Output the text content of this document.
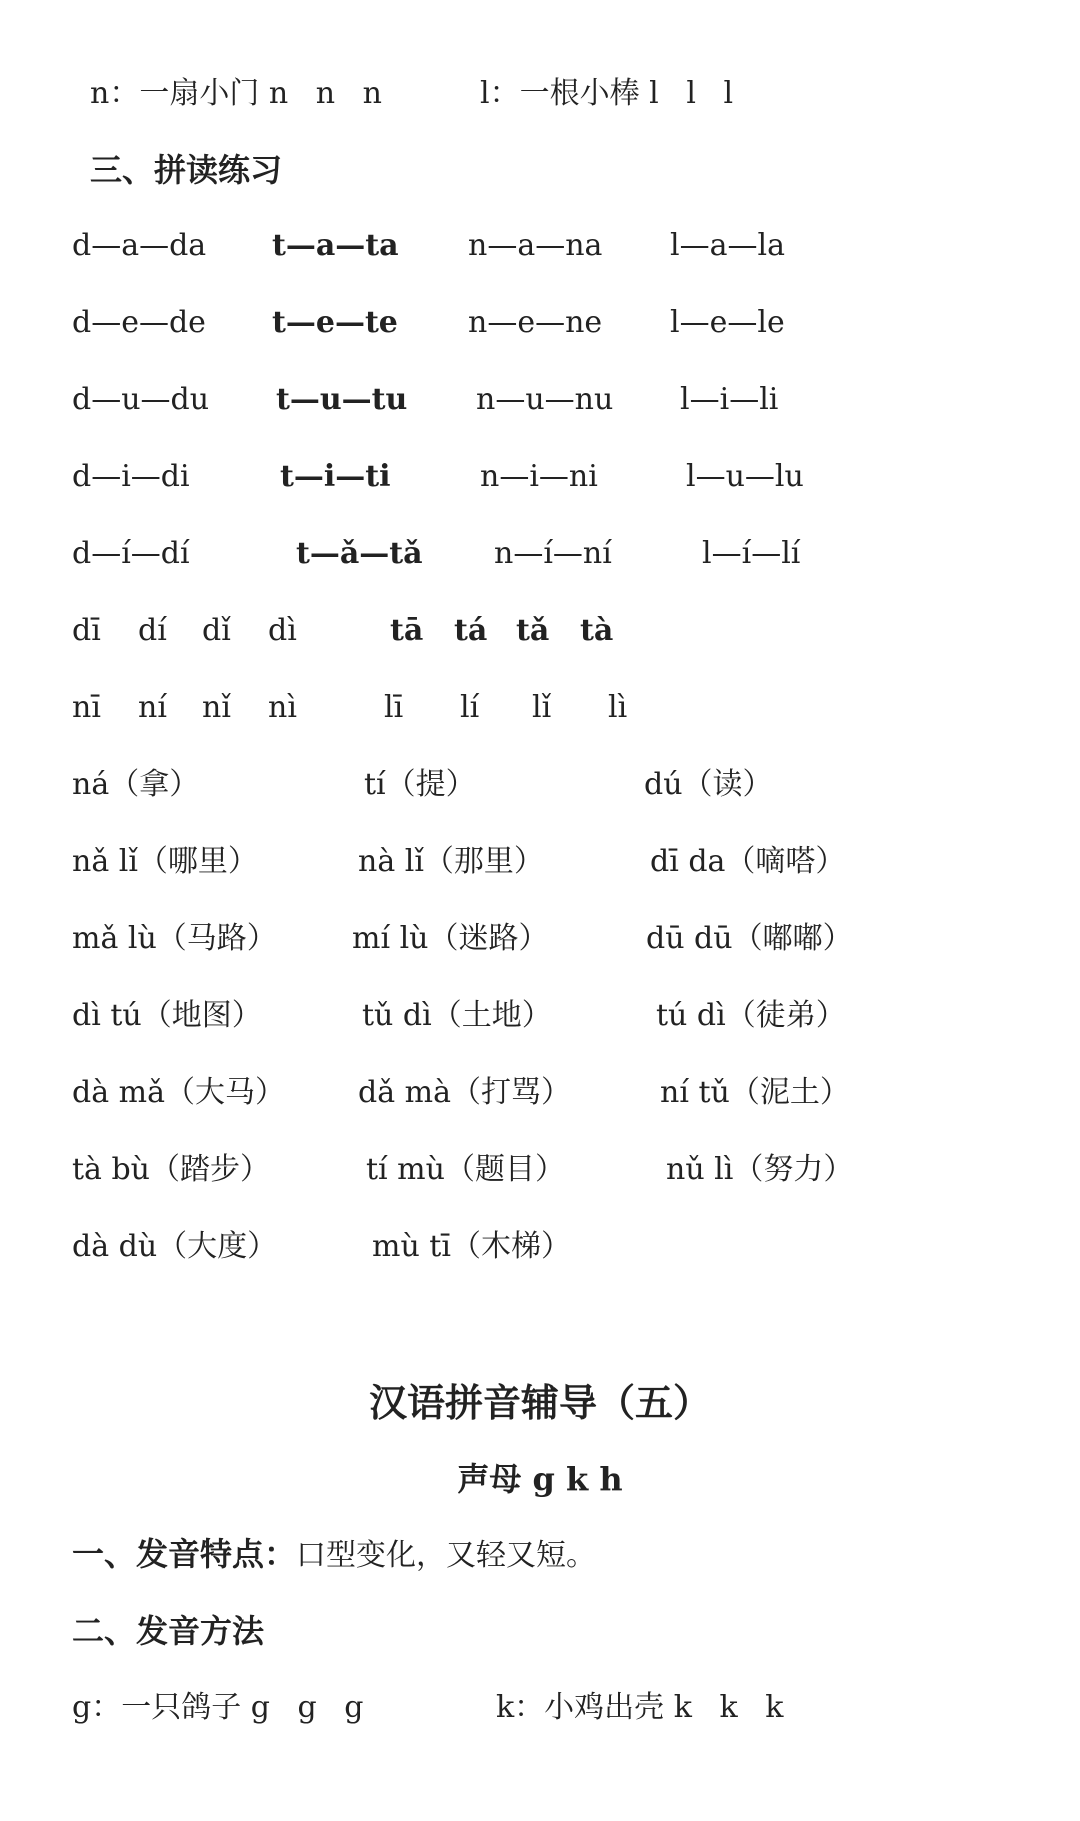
n：一扇小门 n n n	l：一根小棒 l l l
三、拼读练习
d—a—da t—a—ta n—a—na l—a—la
d—e—de t—e—te n—e—ne l—e—le
d—u—du t—u—tu n—u—nu l—i—li
d—i—di	t—i—ti	n—i—ni	l—u—lu
d—í—dí	t—ǎ—tǎ n—í—ní	l—í—lí
dī dí dǐ dì	tā tá tǎ tà
nī ní nǐ nì	lī lí lǐ lì
ná（拿）	tí（提）	dú（读）
nǎ lǐ（哪里）	nà lǐ（那里）	dī da（嘀嗒）
mǎ lù（马路）	mí lù（迷路）	dū dū（嘟嘟）
dì tú（地图）	tǔ dì（土地）	tú dì（徒弟）
dà mǎ（大马） dǎ mà（打骂）	ní tǔ（泥土）
tà bù（踏步）	tí mù（题目）	nǔ lì（努力）
dà dù（大度）	mù tī（木梯）
汉语拼音辅导（五）
声母 g k h
一、发音特点：口型变化，又轻又短。
二、发音方法
g：一只鸽子 g g g	k：小鸡出壳 k k k
